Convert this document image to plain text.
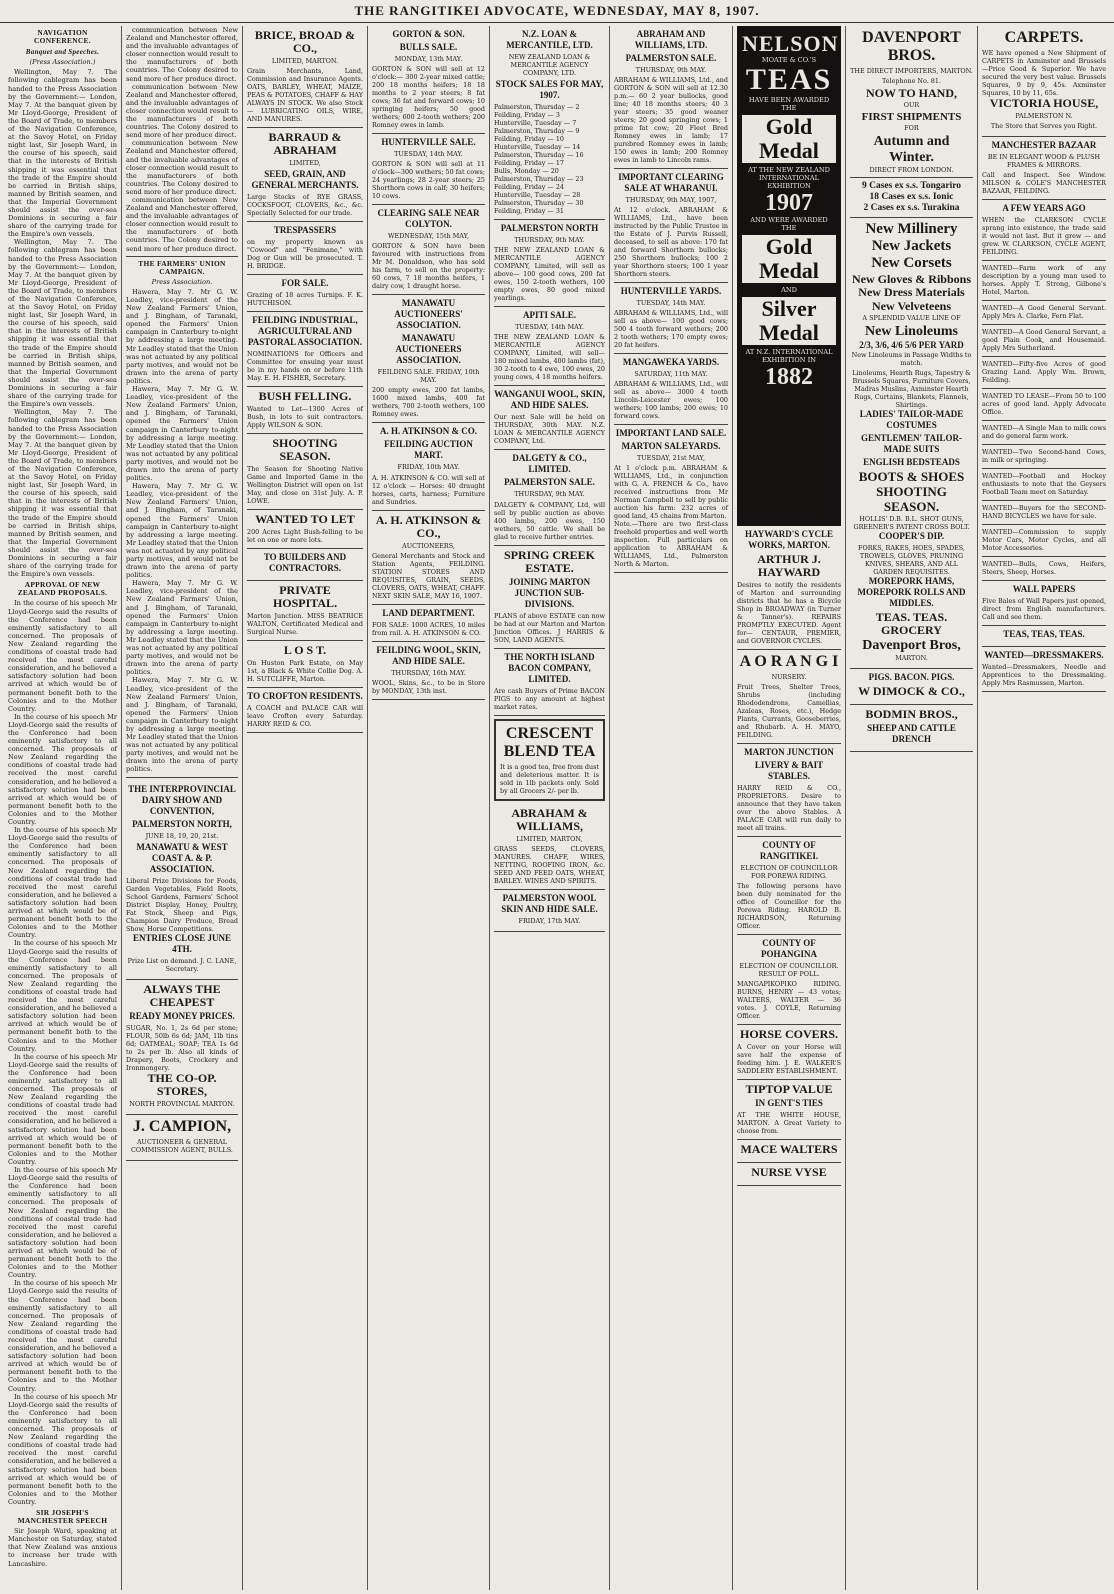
THE RANGITIKEI ADVOCATE, WEDNESDAY, MAY 8, 1907.
NAVIGATION CONFERENCE.
Banquet and Speeches.
(Press Association.)
Wellington, May 7. The following cablegram has been handed to the Press Association by the Government:— London, May 7. At the banquet given by Mr Lloyd-George, President of the Board of Trade, to members of the Navigation Conference, at the Savoy Hotel, on Friday night last, Sir Joseph Ward, in the course of his speech, said that in the interests of British shipping it was essential that the trade of the Empire should be carried in British ships, manned by British seamen, and that the Imperial Government should assist the over-sea Dominions in securing a fair share of the carrying trade for the Empire's own vessels.
Wellington, May 7. The following cablegram has been handed to the Press Association by the Government:— London, May 7. At the banquet given by Mr Lloyd-George, President of the Board of Trade, to members of the Navigation Conference, at the Savoy Hotel, on Friday night last, Sir Joseph Ward, in the course of his speech, said that in the interests of British shipping it was essential that the trade of the Empire should be carried in British ships, manned by British seamen, and that the Imperial Government should assist the over-sea Dominions in securing a fair share of the carrying trade for the Empire's own vessels.
Wellington, May 7. The following cablegram has been handed to the Press Association by the Government:— London, May 7. At the banquet given by Mr Lloyd-George, President of the Board of Trade, to members of the Navigation Conference, at the Savoy Hotel, on Friday night last, Sir Joseph Ward, in the course of his speech, said that in the interests of British shipping it was essential that the trade of the Empire should be carried in British ships, manned by British seamen, and that the Imperial Government should assist the over-sea Dominions in securing a fair share of the carrying trade for the Empire's own vessels.
APPROVAL OF NEW ZEALAND PROPOSALS.
In the course of his speech Mr Lloyd-George said the results of the Conference had been eminently satisfactory to all concerned. The proposals of New Zealand regarding the conditions of coastal trade had received the most careful consideration, and he believed a satisfactory solution had been arrived at which would be of permanent benefit both to the Colonies and to the Mother Country.
In the course of his speech Mr Lloyd-George said the results of the Conference had been eminently satisfactory to all concerned. The proposals of New Zealand regarding the conditions of coastal trade had received the most careful consideration, and he believed a satisfactory solution had been arrived at which would be of permanent benefit both to the Colonies and to the Mother Country.
In the course of his speech Mr Lloyd-George said the results of the Conference had been eminently satisfactory to all concerned. The proposals of New Zealand regarding the conditions of coastal trade had received the most careful consideration, and he believed a satisfactory solution had been arrived at which would be of permanent benefit both to the Colonies and to the Mother Country.
In the course of his speech Mr Lloyd-George said the results of the Conference had been eminently satisfactory to all concerned. The proposals of New Zealand regarding the conditions of coastal trade had received the most careful consideration, and he believed a satisfactory solution had been arrived at which would be of permanent benefit both to the Colonies and to the Mother Country.
In the course of his speech Mr Lloyd-George said the results of the Conference had been eminently satisfactory to all concerned. The proposals of New Zealand regarding the conditions of coastal trade had received the most careful consideration, and he believed a satisfactory solution had been arrived at which would be of permanent benefit both to the Colonies and to the Mother Country.
In the course of his speech Mr Lloyd-George said the results of the Conference had been eminently satisfactory to all concerned. The proposals of New Zealand regarding the conditions of coastal trade had received the most careful consideration, and he believed a satisfactory solution had been arrived at which would be of permanent benefit both to the Colonies and to the Mother Country.
In the course of his speech Mr Lloyd-George said the results of the Conference had been eminently satisfactory to all concerned. The proposals of New Zealand regarding the conditions of coastal trade had received the most careful consideration, and he believed a satisfactory solution had been arrived at which would be of permanent benefit both to the Colonies and to the Mother Country.
In the course of his speech Mr Lloyd-George said the results of the Conference had been eminently satisfactory to all concerned. The proposals of New Zealand regarding the conditions of coastal trade had received the most careful consideration, and he believed a satisfactory solution had been arrived at which would be of permanent benefit both to the Colonies and to the Mother Country.
SIR JOSEPH'S MANCHESTER SPEECH
Sir Joseph Ward, speaking at Manchester on Saturday, stated that New Zealand was anxious to increase her trade with Lancashire.
communication between New Zealand and Manchester offered, and the invaluable advantages of closer connection would result to the manufacturers of both countries. The Colony desired to send more of her produce direct.
communication between New Zealand and Manchester offered, and the invaluable advantages of closer connection would result to the manufacturers of both countries. The Colony desired to send more of her produce direct.
communication between New Zealand and Manchester offered, and the invaluable advantages of closer connection would result to the manufacturers of both countries. The Colony desired to send more of her produce direct.
communication between New Zealand and Manchester offered, and the invaluable advantages of closer connection would result to the manufacturers of both countries. The Colony desired to send more of her produce direct.
THE FARMERS' UNION CAMPAIGN.
Press Association.
Hawera, May 7. Mr G. W. Leadley, vice-president of the New Zealand Farmers' Union, and J. Bingham, of Taranaki, opened the Farmers' Union campaign in Canterbury to-night by addressing a large meeting. Mr Leadley stated that the Union was not actuated by any political party motives, and would not be drawn into the arena of party politics.
Hawera, May 7. Mr G. W. Leadley, vice-president of the New Zealand Farmers' Union, and J. Bingham, of Taranaki, opened the Farmers' Union campaign in Canterbury to-night by addressing a large meeting. Mr Leadley stated that the Union was not actuated by any political party motives, and would not be drawn into the arena of party politics.
Hawera, May 7. Mr G. W. Leadley, vice-president of the New Zealand Farmers' Union, and J. Bingham, of Taranaki, opened the Farmers' Union campaign in Canterbury to-night by addressing a large meeting. Mr Leadley stated that the Union was not actuated by any political party motives, and would not be drawn into the arena of party politics.
Hawera, May 7. Mr G. W. Leadley, vice-president of the New Zealand Farmers' Union, and J. Bingham, of Taranaki, opened the Farmers' Union campaign in Canterbury to-night by addressing a large meeting. Mr Leadley stated that the Union was not actuated by any political party motives, and would not be drawn into the arena of party politics.
Hawera, May 7. Mr G. W. Leadley, vice-president of the New Zealand Farmers' Union, and J. Bingham, of Taranaki, opened the Farmers' Union campaign in Canterbury to-night by addressing a large meeting. Mr Leadley stated that the Union was not actuated by any political party motives, and would not be drawn into the arena of party politics.
THE INTERPROVINCIAL DAIRY SHOW AND CONVENTION,
PALMERSTON NORTH,
JUNE 18, 19, 20, 21st.
MANAWATU & WEST COAST A. & P. ASSOCIATION.
Liberal Prize Divisions for Foods, Garden Vegetables, Field Roots, School Gardens, Farmers' School District Display, Honey, Poultry, Fat Stock, Sheep and Pigs, Champion Dairy Produce, Bread Show, Horse Competitions.
ENTRIES CLOSE JUNE 4TH.
Prize List on demand. J. C. LANE, Secretary.
ALWAYS THE CHEAPEST
READY MONEY PRICES.
SUGAR, No. 1, 2s 6d per stone; FLOUR, 50lb 6s 6d; JAM, 1lb tins 6d; OATMEAL; SOAP; TEA 1s 6d to 2s per lb. Also all kinds of Drapery, Boots, Crockery and Ironmongery.
THE CO-OP. STORES,
NORTH PROVINCIAL MARTON.
J. CAMPION,
AUCTIONEER & GENERAL COMMISSION AGENT, BULLS.
BRICE, BROAD & CO.,
LIMITED, MARTON.
Grain Merchants, Land, Commission and Insurance Agents. OATS, BARLEY, WHEAT, MAIZE, PEAS & POTATOES, CHAFF & HAY ALWAYS IN STOCK. We also Stock— LUBRICATING OILS, WIRE, AND MANURES.
BARRAUD & ABRAHAM
LIMITED,
SEED, GRAIN, AND GENERAL MERCHANTS.
Large Stocks of RYE GRASS, COCKSFOOT, CLOVERS, &c., &c. Specially Selected for our trade.
TRESPASSERS
on my property known as "Cowood" and "Fenimane," with Dog or Gun will be prosecuted. T. H. BRIDGE.
FOR SALE.
Grazing of 18 acres Turnips. F. K. HUTCHISON.
FEILDING INDUSTRIAL, AGRICULTURAL AND PASTORAL ASSOCIATION.
NOMINATIONS for Officers and Committee for ensuing year must be in my hands on or before 11th May. E. H. FISHER, Secretary.
BUSH FELLING.
Wanted to Let—1300 Acres of Bush, in lots to suit contractors. Apply WILSON & SON.
SHOOTING SEASON.
The Season for Shooting Native Game and Imported Game in the Wellington District will open on 1st May, and close on 31st July. A. P. LOWE.
WANTED TO LET
200 Acres Light Bush-felling to be let on one or more lots.
TO BUILDERS AND CONTRACTORS.
PRIVATE HOSPITAL.
Marton Junction. MISS BEATRICE WALTON, Certificated Medical and Surgical Nurse.
L O S T.
On Huston Park Estate, on May 1st, a Black & White Collie Dog. A. H. SUTCLIFFE, Marton.
TO CROFTON RESIDENTS.
A COACH and PALACE CAR will leave Crofton every Saturday. HARRY REID & CO.
GORTON & SON.
BULLS SALE.
MONDAY, 13th MAY.
GORTON & SON will sell at 12 o'clock:— 300 2-year mixed cattle; 200 18 months heifers; 18 18 months to 2 year steers; 8 fat cows; 36 fat and forward cows; 10 springing heifers; 50 good wethers; 600 2-tooth wethers; 200 Romney ewes in lamb.
HUNTERVILLE SALE.
TUESDAY, 14th MAY.
GORTON & SON will sell at 11 o'clock—300 wethers; 50 fat cows; 24 yearlings; 28 2-year steers; 25 Shorthorn cows in calf; 30 heifers; 10 cows.
CLEARING SALE NEAR COLYTON.
WEDNESDAY, 15th MAY,
GORTON & SON have been favoured with instructions from Mr M. Donaldson, who has sold his farm, to sell on the property: 60 cows, 7 18 months heifers, 1 dairy cow, 1 draught horse.
MANAWATU AUCTIONEERS' ASSOCIATION.
MANAWATU AUCTIONEERS ASSOCIATION.
FEILDING SALE. FRIDAY, 10th MAY.
200 empty ewes, 200 fat lambs, 1600 mixed lambs, 400 fat wethers, 700 2-tooth wethers, 100 Romney ewes.
A. H. ATKINSON & CO.
FEILDING AUCTION MART.
FRIDAY, 10th MAY.
A. H. ATKINSON & CO. will sell at 12 o'clock — Horses: 40 draught horses, carts, harness; Furniture and Sundries.
A. H. ATKINSON & CO.,
AUCTIONEERS,
General Merchants and Stock and Station Agents, FEILDING. STATION STORES AND REQUISITES, GRAIN, SEEDS, CLOVERS, OATS, WHEAT, CHAFF. NEXT SKIN SALE, MAY 16, 1907.
LAND DEPARTMENT.
FOR SALE: 1000 ACRES, 10 miles from rail. A. H. ATKINSON & CO.
FEILDING WOOL, SKIN, AND HIDE SALE.
THURSDAY, 16th MAY.
WOOL, Skins, &c., to be in Store by MONDAY, 13th inst.
N.Z. LOAN & MERCANTILE, LTD.
NEW ZEALAND LOAN & MERCANTILE AGENCY COMPANY, LTD.
STOCK SALES FOR MAY, 1907.
Palmerston, Thursday — 2
Feilding, Friday — 3
Hunterville, Tuesday — 7
Palmerston, Thursday — 9
Feilding, Friday — 10
Hunterville, Tuesday — 14
Palmerston, Thursday — 16
Feilding, Friday — 17
Bulls, Monday — 20
Palmerston, Thursday — 23
Feilding, Friday — 24
Hunterville, Tuesday — 28
Palmerston, Thursday — 30
Feilding, Friday — 31
PALMERSTON NORTH
THURSDAY, 9th MAY.
THE NEW ZEALAND LOAN & MERCANTILE AGENCY COMPANY, Limited, will sell as above— 100 good cows, 200 fat ewes, 150 2-tooth wethers, 100 empty ewes, 80 good mixed yearlings.
APITI SALE.
TUESDAY, 14th MAY.
THE NEW ZEALAND LOAN & MERCANTILE AGENCY COMPANY, Limited, will sell— 180 mixed lambs, 400 lambs (fat), 30 2-tooth to 4 ewe, 100 ewes, 20 young cows, 4 18 months heifers.
WANGANUI WOOL, SKIN, AND HIDE SALES.
Our next Sale will be held on THURSDAY, 30th MAY. N.Z. LOAN & MERCANTILE AGENCY COMPANY, Ltd.
DALGETY & CO., LIMITED.
PALMERSTON SALE.
THURSDAY, 9th MAY.
DALGETY & COMPANY, Ltd, will sell by public auction as above: 400 lambs, 200 ewes, 150 wethers, 50 cattle. We shall be glad to receive further entries.
SPRING CREEK ESTATE.
JOINING MARTON JUNCTION SUB-DIVISIONS.
PLANS of above ESTATE can now be had at our Marton and Marton Junction Offices. J HARRIS & SON, LAND AGENTS.
THE NORTH ISLAND BACON COMPANY, LIMITED.
Are cash Buyers of Prime BACON PIGS to any amount at highest market rates.
CRESCENT BLEND TEA
It is a good tea, free from dust and deleterious matter. It is sold in 1lb packets only. Sold by all Grocers 2/- per lb.
ABRAHAM & WILLIAMS,
LIMITED, MARTON,
GRASS SEEDS, CLOVERS, MANURES. CHAFF, WIRES, NETTING, ROOFING IRON, &c. SEED AND FEED OATS, WHEAT, BARLEY. WINES AND SPIRITS.
PALMERSTON WOOL SKIN AND HIDE SALE.
FRIDAY, 17th MAY.
ABRAHAM AND WILLIAMS, LTD.
PALMERSTON SALE.
THURSDAY, 9th MAY.
ABRAHAM & WILLIAMS, Ltd., and GORTON & SON will sell at 12.30 p.m.— 60 2 year bullocks, good line; 40 18 months steers; 40 3 year steers; 35 good weaner steers; 20 good springing cows; 1 prime fat cow; 20 Fleet Bred Romney ewes in lamb; 17 purebred Romney ewes in lamb; 150 ewes in lamb; 200 Romney ewes in lamb to Lincoln rams.
IMPORTANT CLEARING SALE AT WHARANUI.
THURSDAY, 9th MAY, 1907,
At 12 o'clock. ABRAHAM & WILLIAMS, Ltd., have been instructed by the Public Trustee in the Estate of J. Purvis Russell, deceased, to sell as above: 170 fat and forward Shorthorn bullocks; 250 Shorthorn bullocks; 100 2 year Shorthorn steers; 100 1 year Shorthorn steers.
HUNTERVILLE YARDS.
TUESDAY, 14th MAY.
ABRAHAM & WILLIAMS, Ltd., will sell as above— 100 good cows; 500 4 tooth forward wethers; 200 2 tooth wethers; 170 empty ewes; 20 fat heifers.
MANGAWEKA YARDS.
SATURDAY, 11th MAY.
ABRAHAM & WILLIAMS, Ltd., will sell as above— 3000 4 tooth Lincoln-Leicester ewes; 100 wethers; 100 lambs; 200 ewes; 10 forward cows.
IMPORTANT LAND SALE.
MARTON SALEYARDS.
TUESDAY, 21st MAY,
At 1 o'clock p.m. ABRAHAM & WILLIAMS, Ltd., in conjunction with G. A. FRENCH & Co., have received instructions from Mr Norman Campbell to sell by public auction his farm: 232 acres of good land, 45 chains from Marton.
Note.—There are two first-class freehold properties and well worth inspection. Full particulars on application to ABRAHAM & WILLIAMS, Ltd., Palmerston North & Marton.
NELSON
MOATE & CO.'S
TEAS
HAVE BEEN AWARDED
THE
Gold Medal
AT THE NEW ZEALAND INTERNATIONAL EXHIBITION
1907
AND WERE AWARDED THE
Gold Medal
AND
Silver Medal
AT N.Z. INTERNATIONAL EXHIBITION IN
1882
HAYWARD'S CYCLE WORKS, MARTON.
ARTHUR J. HAYWARD
Desires to notify the residents of Marton and surrounding districts that he has a Bicycle Shop in BROADWAY (in Turner & Tanner's). REPAIRS PROMPTLY EXECUTED. Agent for— CENTAUR, PREMIER, and GOVERNOR CYCLES.
A O R A N G I
NURSERY.
Fruit Trees, Shelter Trees, Shrubs (including Rhododendrons, Camellias, Azaleas, Roses, etc.), Hedge Plants, Currants, Gooseberries, and Rhubarb. A. H. MAYO, FEILDING.
MARTON JUNCTION
LIVERY & BAIT STABLES.
HARRY REID & CO., PROPRIETORS. Desire to announce that they have taken over the above Stables. A PALACE CAR will run daily to meet all trains.
COUNTY OF RANGITIKEI.
ELECTION OF COUNCILLOR FOR POREWA RIDING.
The following persons have been duly nominated for the office of Councillor for the Porewa Riding. HAROLD B. RICHARDSON, Returning Officer.
COUNTY OF POHANGINA
ELECTION OF COUNCILLOR. RESULT OF POLL.
MANGAPIKOPIKO RIDING. BURNS, HENRY — 43 votes; WALTERS, WALTER — 36 votes. J. COYLE, Returning Officer.
HORSE COVERS.
A Cover on your Horse will save half the expense of feeding him. J. E. WALKER'S SADDLERY ESTABLISHMENT.
TIPTOP VALUE
IN GENT'S TIES
AT THE WHITE HOUSE, MARTON. A Great Variety to choose from.
MACE WALTERS
NURSE VYSE
DAVENPORT BROS.
THE DIRECT IMPORTERS, MARTON.
Telephone No. 81.
NOW TO HAND,
OUR
FIRST SHIPMENTS
FOR
Autumn and Winter.
DIRECT FROM LONDON.
9 Cases ex s.s. Tongariro
18 Cases ex s.s. Ionic
2 Cases ex s.s. Turakina
New Millinery
New Jackets
New Corsets
New Gloves & Ribbons
New Dress Materials
New Velveteens
A SPLENDID VALUE LINE OF
New Linoleums
2/3, 3/6, 4/6 5/6 PER YARD
New Linoleums in Passage Widths to match.
Linoleums, Hearth Rugs, Tapestry & Brussels Squares, Furniture Covers, Madras Muslins, Axminster Hearth Rugs, Curtains, Blankets, Flannels, Shirtings.
LADIES' TAILOR-MADE COSTUMES
GENTLEMEN' TAILOR-MADE SUITS
ENGLISH BEDSTEADS
BOOTS & SHOES
SHOOTING SEASON.
HOLLIS' D.B. B.L. SHOT GUNS, GREENER'S PATENT CROSS BOLT.
COOPER'S DIP.
FORKS, RAKES, HOES, SPADES, TROWELS, GLOVES, PRUNING KNIVES, SHEARS, AND ALL GARDEN REQUISITES.
MOREPORK HAMS, MOREPORK ROLLS AND MIDDLES.
TEAS. TEAS.
GROCERY
Davenport Bros,
MARTON.
PIGS. BACON. PIGS.
W DIMOCK & CO.,
BODMIN BROS.,
SHEEP AND CATTLE DRENCH
CARPETS.
WE have opened a New Shipment of CARPETS in Axminster and Brussels—Price Good & Superior. We have secured the very best value. Brussels Squares, 9 by 9, 45s. Axminster Squares, 10 by 11, 65s.
VICTORIA HOUSE,
PALMERSTON N.
The Store that Serves you Right.
MANCHESTER BAZAAR
BE IN ELEGANT WOOD & PLUSH FRAMES & MIRRORS.
Call and Inspect. See Window. MILSON & COLE'S MANCHESTER BAZAAR, FEILDING.
A FEW YEARS AGO
WHEN the CLARKSON CYCLE sprang into existence, the trade said it would not last. But it grew — and grew. W. CLARKSON, CYCLE AGENT, FEILDING.
WANTED—Farm work of any description by a young man used to horses. Apply T. Strong, Gilbone's Hotel, Marton.
WANTED—A Good General Servant. Apply Mrs A. Clarke, Fern Flat.
WANTED—A Good General Servant, a good Plain Cook, and Housemaid. Apply Mrs Sutherland.
WANTED—Fifty-five Acres of good Grazing Land. Apply Wm. Brown, Feilding.
WANTED TO LEASE—From 50 to 100 acres of good land. Apply Advocate Office.
WANTED—A Single Man to milk cows and do general farm work.
WANTED—Two Second-hand Cows, in milk or springing.
WANTED—Football and Hockey enthusiasts to note that the Geysers Football Team meet on Saturday.
WANTED—Buyers for the SECOND-HAND BICYCLES we have for sale.
WANTED—Commission to supply Motor Cars, Motor Cycles, and all Motor Accessories.
WANTED—Bulls, Cows, Heifers, Steers, Sheep, Horses.
WALL PAPERS
Five Bales of Wall Papers just opened, direct from English manufacturers. Call and see them.
TEAS, TEAS, TEAS.
WANTED—DRESSMAKERS.
Wanted—Dressmakers, Needle and Apprentices to the Dressmaking. Apply Mrs Rasmussen, Marton.
